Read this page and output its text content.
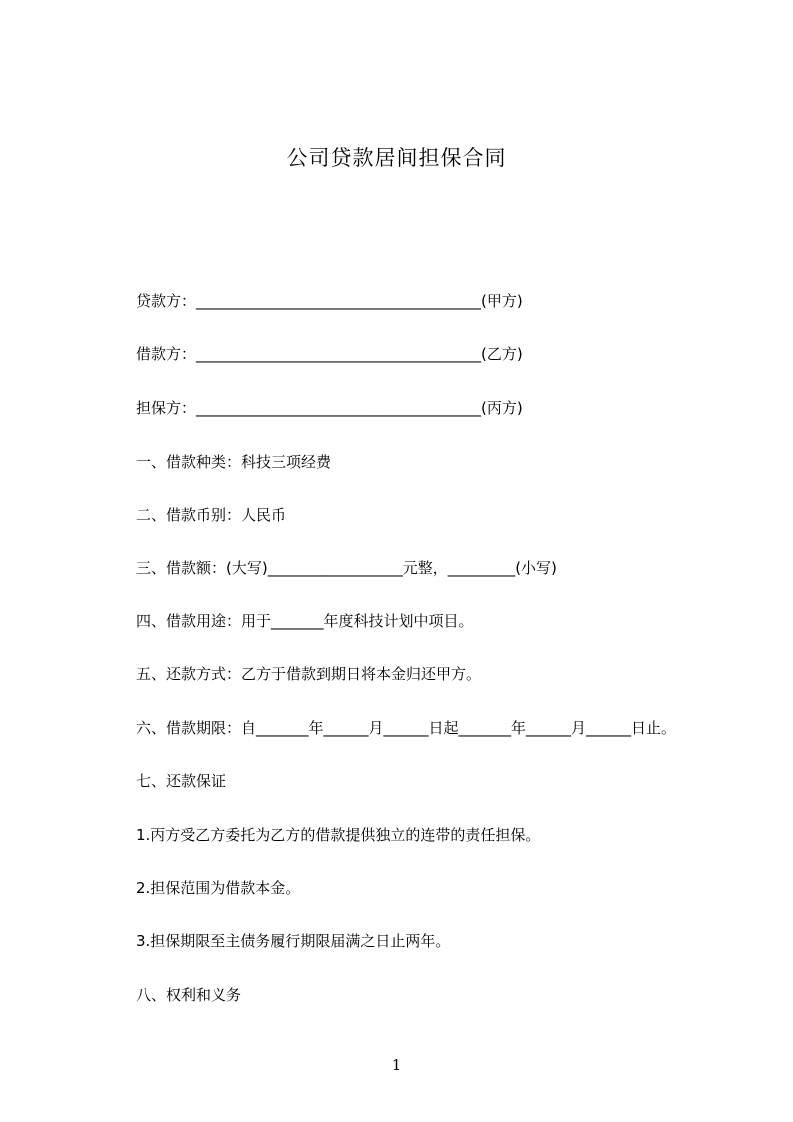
公司贷款居间担保合同

贷款方：______________________________________(甲方)

借款方：______________________________________(乙方)

担保方：______________________________________(丙方)

一、借款种类：科技三项经费

二、借款币别：人民币

三、借款额：(大写)__________________元整，_________(小写)

四、借款用途：用于_______年度科技计划中项目。

五、还款方式：乙方于借款到期日将本金归还甲方。

六、借款期限：自_______年______月______日起_______年______月______日止。

七、还款保证

1.丙方受乙方委托为乙方的借款提供独立的连带的责任担保。

2.担保范围为借款本金。

3.担保期限至主债务履行期限届满之日止两年。

八、权利和义务

1
